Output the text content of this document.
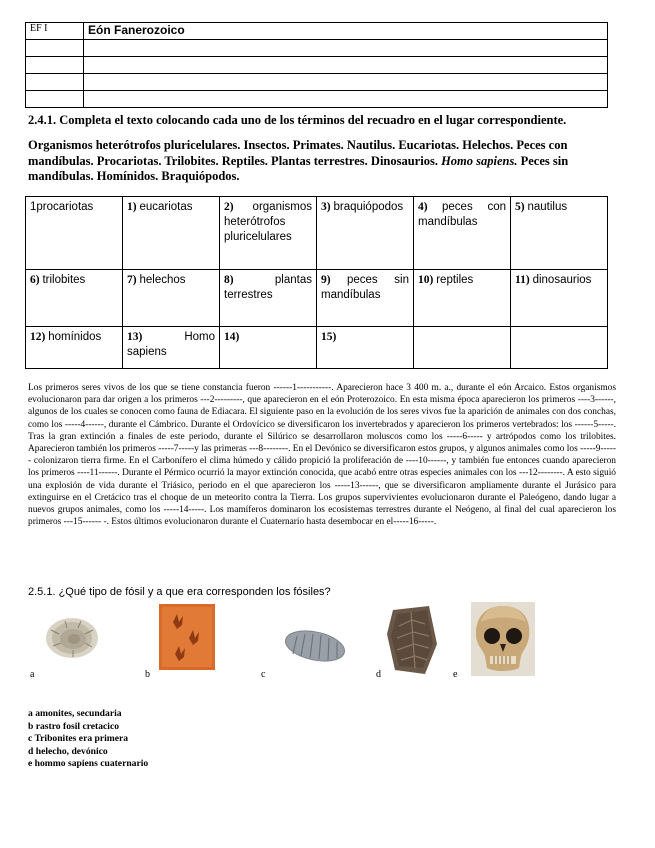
EF I	Eón Fanerozoico

2.4.1. Completa el texto colocando cada uno de los términos del recuadro en el lugar correspondiente.
Organismos heterótrofos pluricelulares. Insectos. Primates. Nautilus. Eucariotas. Helechos. Peces con mandíbulas. Procariotas. Trilobites. Reptiles. Plantas terrestres. Dinosaurios. Homo sapiens. Peces sin mandíbulas. Homínidos. Braquiópodos.
1procariotas	1) eucariotas	2) organismos heterótrofos pluricelulares	3) braquiópodos	4) peces con mandíbulas	5) nautilus

6) trilobites	7) helechos	8) plantas terrestres	9) peces sin mandíbulas	10) reptiles	11) dinosaurios

12) homínidos	13) Homo sapiens	14)	15)		

Los primeros seres vivos de los que se tiene constancia fueron ------1-----------. Aparecieron hace 3 400 m. a., durante el eón Arcaico. Estos organismos evolucionaron para dar origen a los primeros ---2---------, que aparecieron en el eón Proterozoico. En esta misma época aparecieron los primeros ----3------, algunos de los cuales se conocen como fauna de Ediacara. El siguiente paso en la evolución de los seres vivos fue la aparición de animales con dos conchas, como los -----4------, durante el Cámbrico. Durante el Ordovícico se diversificaron los invertebrados y aparecieron los primeros vertebrados: los ------5-----. Tras la gran extinción a finales de este periodo, durante el Silúrico se desarrollaron moluscos como los -----6----- y artrópodos como los trilobites. Aparecieron también los primeros -----7-----y las primeras ---8--------. En el Devónico se diversificaron estos grupos, y algunos animales como los -----9------ colonizaron tierra firme. En el Carbonífero el clima húmedo y cálido propició la proliferación de ----10------, y también fue entonces cuando aparecieron los primeros ----11------. Durante el Pérmico ocurrió la mayor extinción conocida, que acabó entre otras especies animales con los ---12--------. A esto siguió una explosión de vida durante el Triásico, periodo en el que aparecieron los -----13------, que se diversificaron ampliamente durante el Jurásico para extinguirse en el Cretácico tras el choque de un meteorito contra la Tierra. Los grupos supervivientes evolucionaron durante el Paleógeno, dando lugar a nuevos grupos animales, como los -----14-----. Los mamíferos dominaron los ecosistemas terrestres durante el Neógeno, al final del cual aparecieron los primeros ---15------ -. Estos últimos evolucionaron durante el Cuaternario hasta desembocar en el-----16-----.
2.5.1. ¿Qué tipo de fósil y a que era corresponden los fósiles?
a	b	c	d	e
a amonites, secundaria
b rastro fosil cretacico
c Tribonites era primera
d helecho, devónico
e hommo sapiens cuaternario
